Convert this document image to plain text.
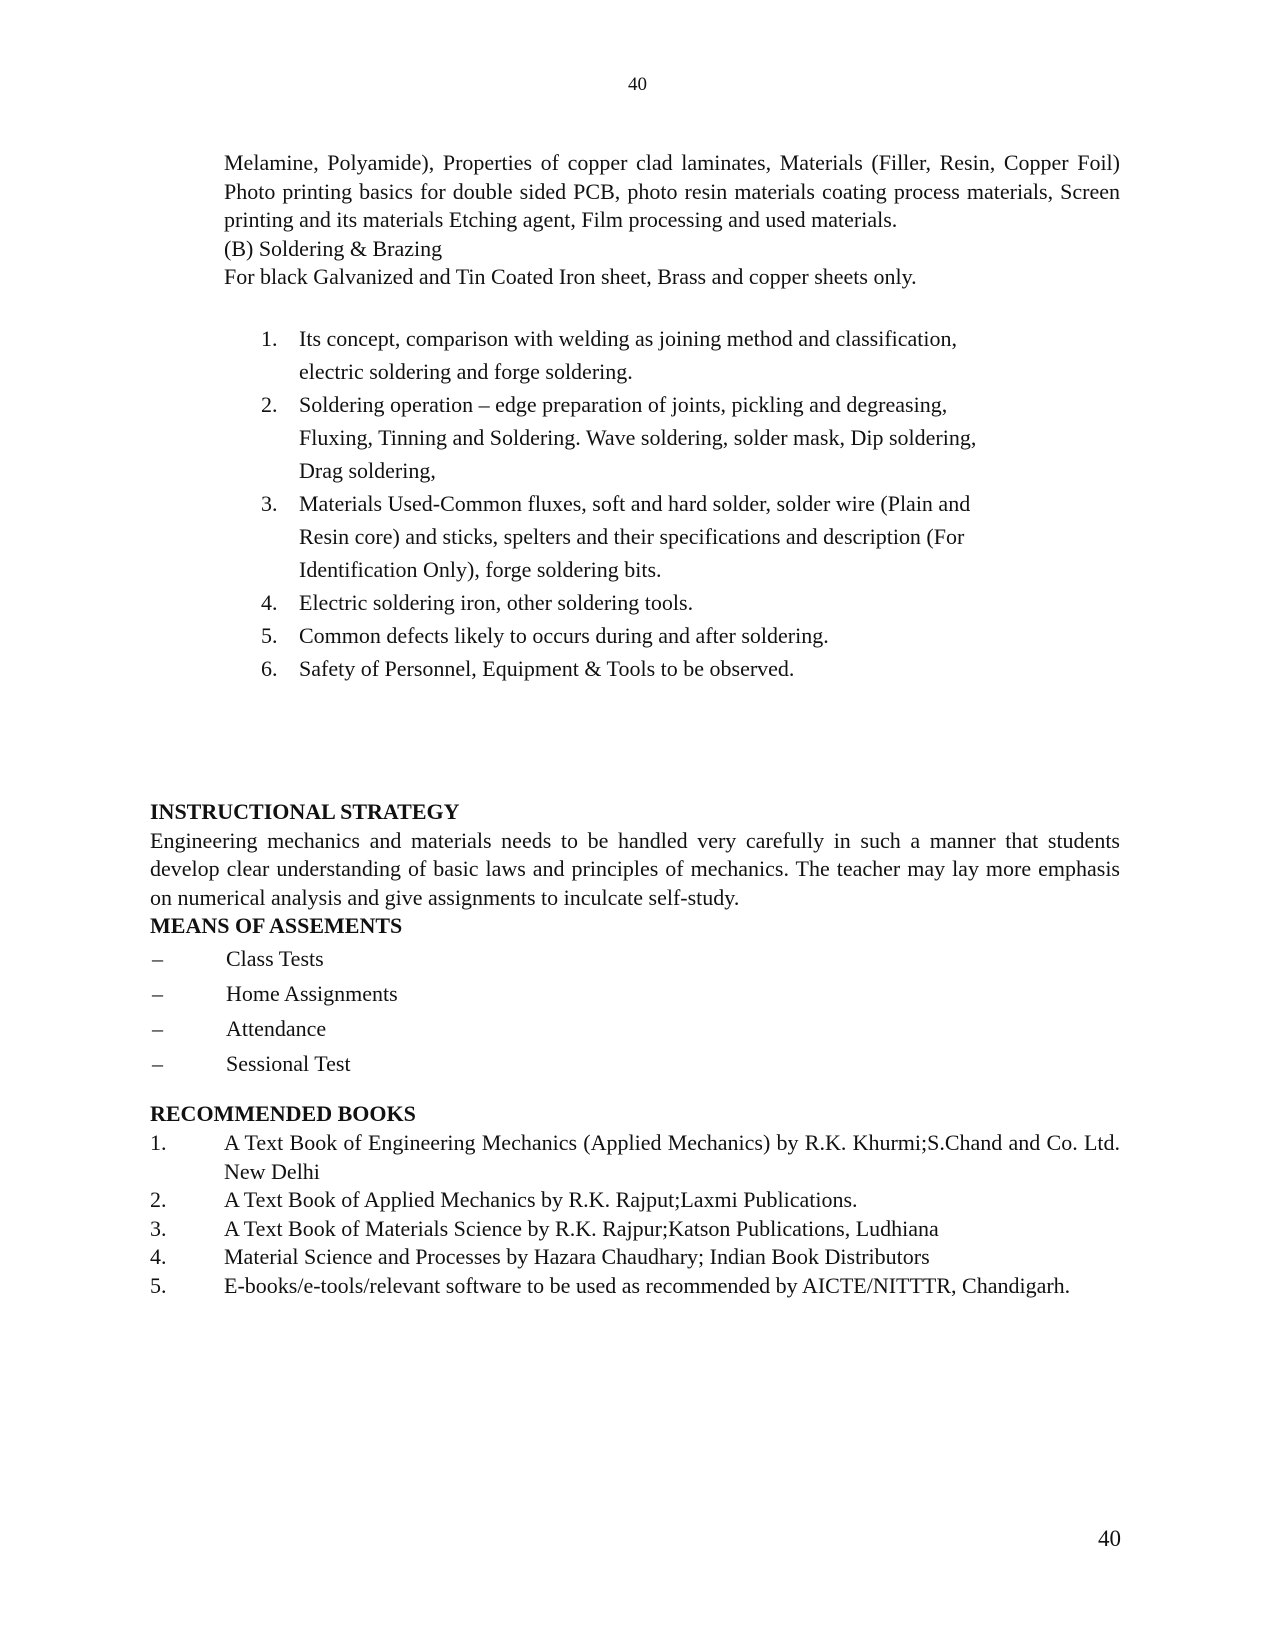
40
Melamine, Polyamide), Properties of copper clad laminates, Materials (Filler, Resin, Copper Foil) Photo printing basics for double sided PCB, photo resin materials coating process materials, Screen printing and its materials Etching agent, Film processing and used materials.
(B) Soldering & Brazing
For black Galvanized and Tin Coated Iron sheet, Brass and copper sheets only.
1. Its concept, comparison with welding as joining method and classification,
electric soldering and forge soldering.
2. Soldering operation – edge preparation of joints, pickling and degreasing,
Fluxing, Tinning and Soldering. Wave soldering, solder mask, Dip soldering,
Drag soldering,
3. Materials Used-Common fluxes, soft and hard solder, solder wire (Plain and
Resin core) and sticks, spelters and their specifications and description (For
Identification Only), forge soldering bits.
4. Electric soldering iron, other soldering tools.
5. Common defects likely to occurs during and after soldering.
6. Safety of Personnel, Equipment & Tools to be observed.
INSTRUCTIONAL STRATEGY
Engineering mechanics and materials needs to be handled very carefully in such a manner that students develop clear understanding of basic laws and principles of mechanics. The teacher may lay more emphasis on numerical analysis and give assignments to inculcate self-study.
MEANS OF ASSEMENTS
–	Class Tests
–	Home Assignments
–	Attendance
–	Sessional Test
RECOMMENDED BOOKS
1.	A Text Book of Engineering Mechanics (Applied Mechanics) by R.K. Khurmi;S.Chand and Co. Ltd. New Delhi
2.	A Text Book of Applied Mechanics by R.K. Rajput;Laxmi Publications.
3.	A Text Book of Materials Science by R.K. Rajpur;Katson Publications, Ludhiana
4.	Material Science and Processes by Hazara Chaudhary; Indian Book Distributors
5.	E-books/e-tools/relevant software to be used as recommended by AICTE/NITTTR, Chandigarh.
40
